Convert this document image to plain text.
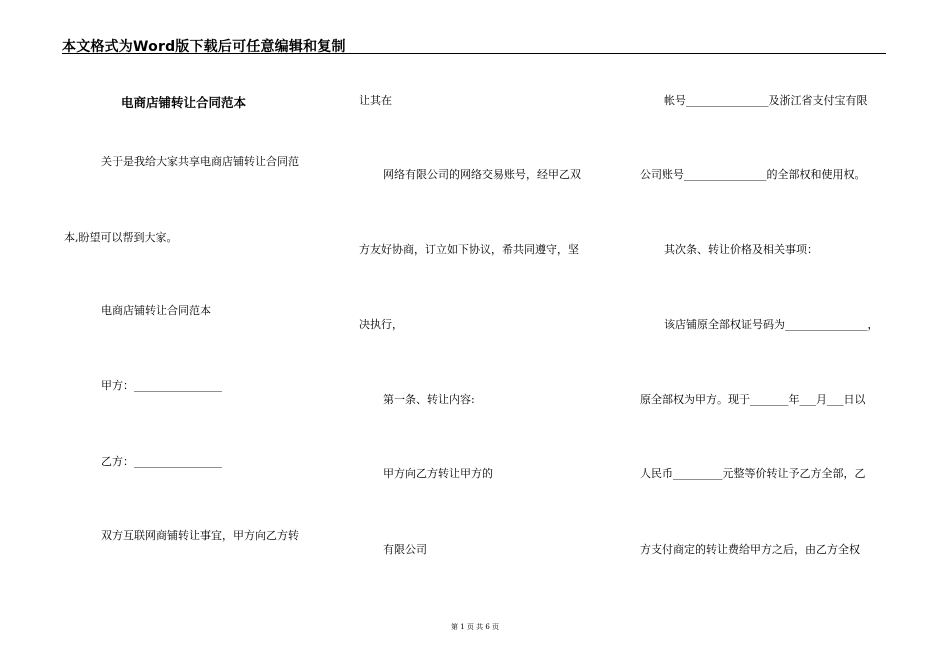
本文格式为Word版下载后可任意编辑和复制
电商店铺转让合同范本
关于是我给大家共享电商店铺转让合同范
本,盼望可以帮到大家。
电商店铺转让合同范本
甲方：________________
乙方：________________
双方互联网商铺转让事宜，甲方向乙方转
让其在
网络有限公司的网络交易账号，经甲乙双
方友好协商，订立如下协议，希共同遵守，坚
决执行，
第一条、转让内容:
甲方向乙方转让甲方的
有限公司
帐号_______________及浙江省支付宝有限
公司账号_______________的全部权和使用权。
其次条、转让价格及相关事项：
该店铺原全部权证号码为_______________，
原全部权为甲方。现于_______年___月___日以
人民币_________元整等价转让予乙方全部，乙
方支付商定的转让费给甲方之后，由乙方全权
第 1 页 共 6 页
